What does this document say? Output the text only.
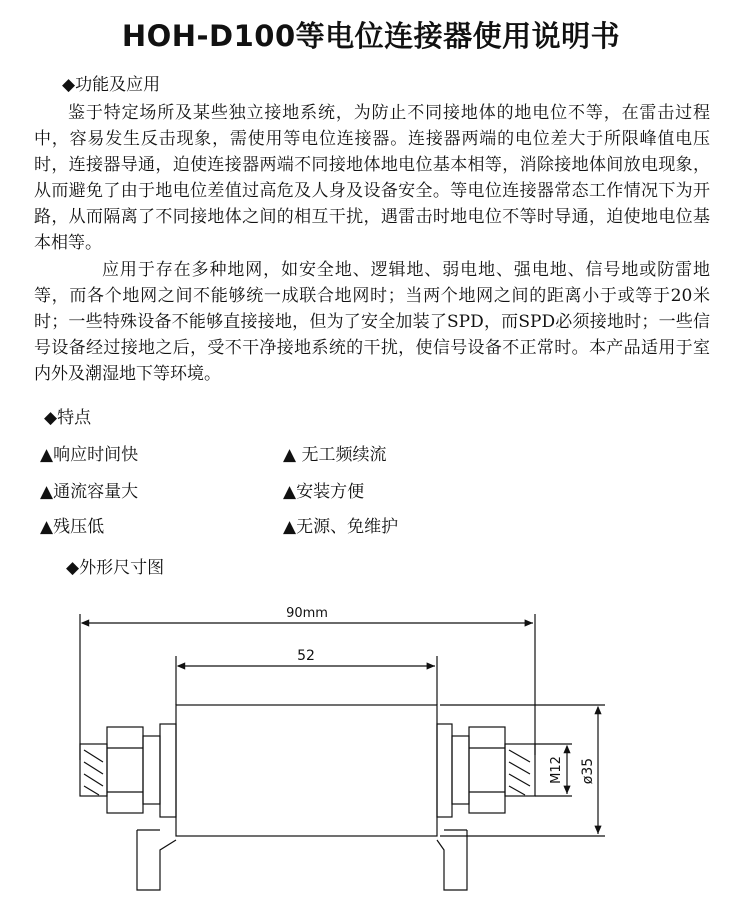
HOH-D100等电位连接器使用说明书
◆功能及应用

鉴于特定场所及某些独立接地系统，为防止不同接地体的地电位不等，在雷击过程中，容易发生反击现象，需使用等电位连接器。连接器两端的电位差大于所限峰值电压时，连接器导通，迫使连接器两端不同接地体地电位基本相等，消除接地体间放电现象，从而避免了由于地电位差值过高危及人身及设备安全。等电位连接器常态工作情况下为开路，从而隔离了不同接地体之间的相互干扰，遇雷击时地电位不等时导通，迫使地电位基本相等。

应用于存在多种地网，如安全地、逻辑地、弱电地、强电地、信号地或防雷地等，而各个地网之间不能够统一成联合地网时；当两个地网之间的距离小于或等于20米时；一些特殊设备不能够直接接地，但为了安全加装了SPD，而SPD必须接地时；一些信号设备经过接地之后，受不干净接地系统的干扰，使信号设备不正常时。本产品适用于室内外及潮湿地下等环境。

◆特点

▲响应时间快	▲ 无工频续流

▲通流容量大	▲安装方便

▲残压低	▲无源、免维护

◆外形尺寸图
90mm
52
M12 ø35
